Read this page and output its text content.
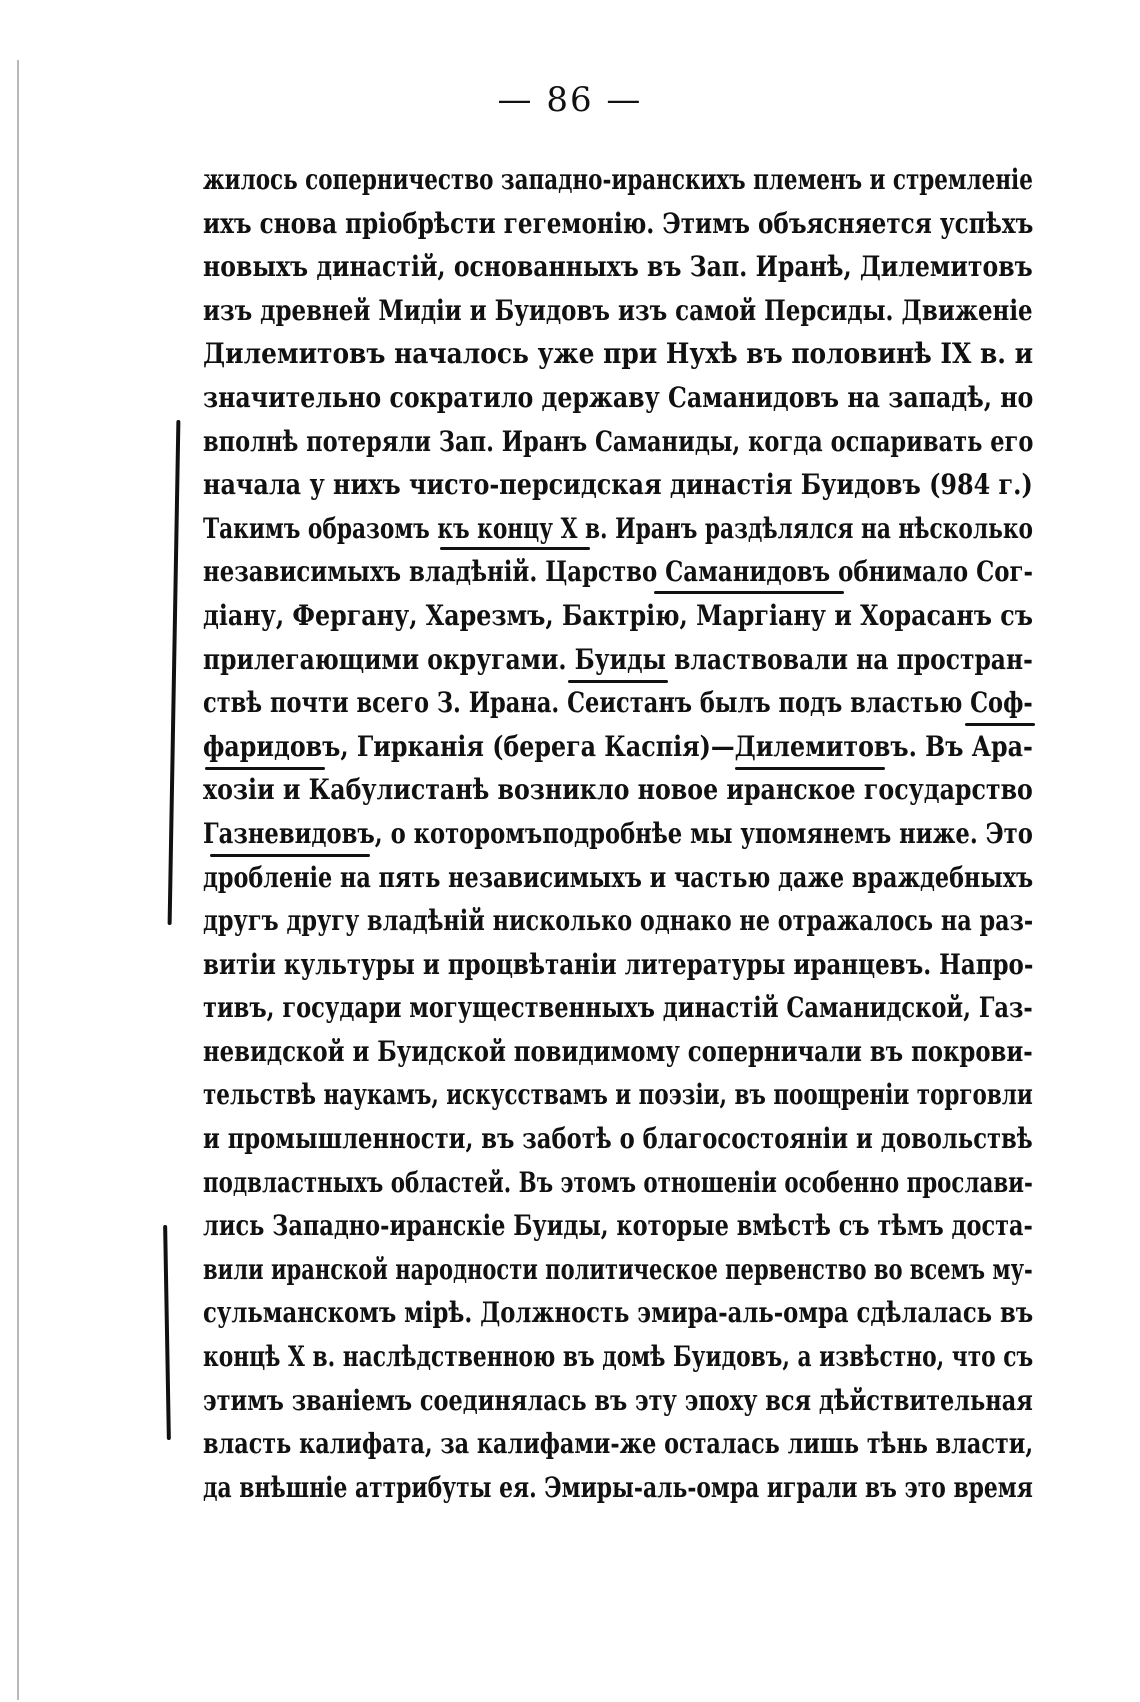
— 86 —
жилось соперничество западно-иранскихъ племенъ и стремленіе
ихъ снова пріобрѣсти гегемонію. Этимъ объясняется успѣхъ
новыхъ династій, основанныхъ въ Зап. Иранѣ, Дилемитовъ
изъ древней Мидіи и Буидовъ изъ самой Персиды. Движеніе
Дилемитовъ началось уже при Нухѣ въ половинѣ IX в. и
значительно сократило державу Саманидовъ на западѣ, но
вполнѣ потеряли Зап. Иранъ Саманиды, когда оспаривать его
начала у нихъ чисто-персидская династія Буидовъ (984 г.)
Такимъ образомъ къ концу X в. Иранъ раздѣлялся на нѣсколько
независимыхъ владѣній. Царство Саманидовъ обнимало Сог-
діану, Фергану, Харезмъ, Бактрію, Маргіану и Хорасанъ съ
прилегающими округами. Буиды властвовали на простран-
ствѣ почти всего З. Ирана. Сеистанъ былъ подъ властью Соф-
фаридовъ, Гирканія (берега Каспія)—Дилемитовъ. Въ Ара-
хозіи и Кабулистанѣ возникло новое иранское государство
Газневидовъ, о которомъподробнѣе мы упомянемъ ниже. Это
дробленіе на пять независимыхъ и частью даже враждебныхъ
другъ другу владѣній нисколько однако не отражалось на раз-
витіи культуры и процвѣтаніи литературы иранцевъ. Напро-
тивъ, государи могущественныхъ династій Саманидской, Газ-
невидской и Буидской повидимому соперничали въ покрови-
тельствѣ наукамъ, искусствамъ и поэзіи, въ поощреніи торговли
и промышленности, въ заботѣ о благосостояніи и довольствѣ
подвластныхъ областей. Въ этомъ отношеніи особенно прослави-
лись Западно-иранскіе Буиды, которые вмѣстѣ съ тѣмъ доста-
вили иранской народности политическое первенство во всемъ му-
сульманскомъ мірѣ. Должность эмира-аль-омра сдѣлалась въ
концѣ X в. наслѣдственною въ домѣ Буидовъ, а извѣстно, что съ
этимъ званіемъ соединялась въ эту эпоху вся дѣйствительная
власть калифата, за калифами-же осталась лишь тѣнь власти,
да внѣшніе аттрибуты ея. Эмиры-аль-омра играли въ это время
